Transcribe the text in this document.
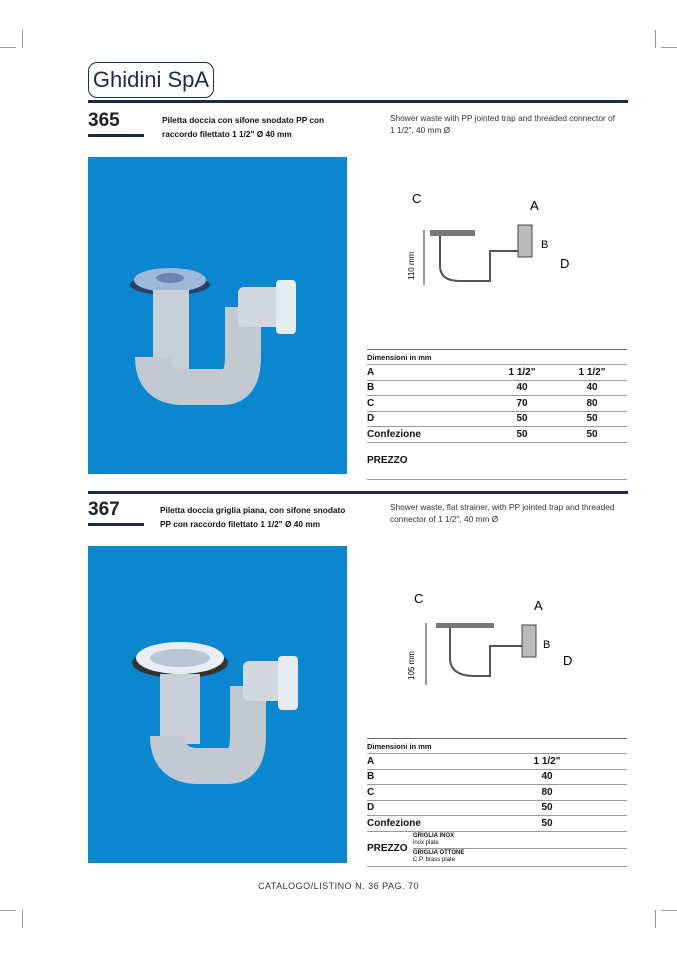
Ghidini SpA
365	Piletta doccia con sifone snodato PP con raccordo filettato 1 1/2" Ø 40 mm
Shower waste with PP jointed trap and threaded connector of 1 1/2", 40 mm Ø
C	A
B
D
110 mm
Dimensioni in mm
A	1 1/2"	1 1/2"
B	40	40
C	70	80
D	50	50
Confezione	50	50
PREZZO
367	Piletta doccia griglia piana, con sifone snodato PP con raccordo filettato 1 1/2" Ø 40 mm
Shower waste, flat strainer, with PP jointed trap and threaded connector of 1 1/2", 40 mm Ø
C	A
B
D
105 mm
Dimensioni in mm
A	1 1/2"
B	40
C	80
D	50
Confezione	50
PREZZO
GRIGLIA INOX
inox plate
GRIGLIA OTTONE
C.P. brass plate
CATALOGO/LISTINO N. 36 PAG. 70
